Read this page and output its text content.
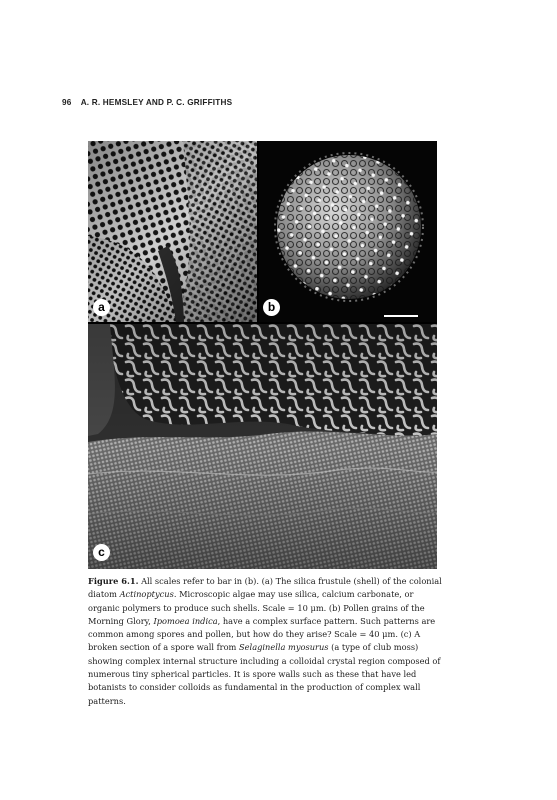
96 A. R. HEMSLEY AND P. C. GRIFFITHS
a	b
c
Figure 6.1. All scales refer to bar in (b). (a) The silica frustule (shell) of the colonial diatom Actinoptycus. Microscopic algae may use silica, calcium carbonate, or organic polymers to produce such shells. Scale = 10 μm. (b) Pollen grains of the Morning Glory, Ipomoea indica, have a complex surface pattern. Such patterns are common among spores and pollen, but how do they arise? Scale = 40 μm. (c) A broken section of a spore wall from Selaginella myosurus (a type of club moss) showing complex internal structure including a colloidal crystal region composed of numerous tiny spherical particles. It is spore walls such as these that have led botanists to consider colloids as fundamental in the production of complex wall patterns.
